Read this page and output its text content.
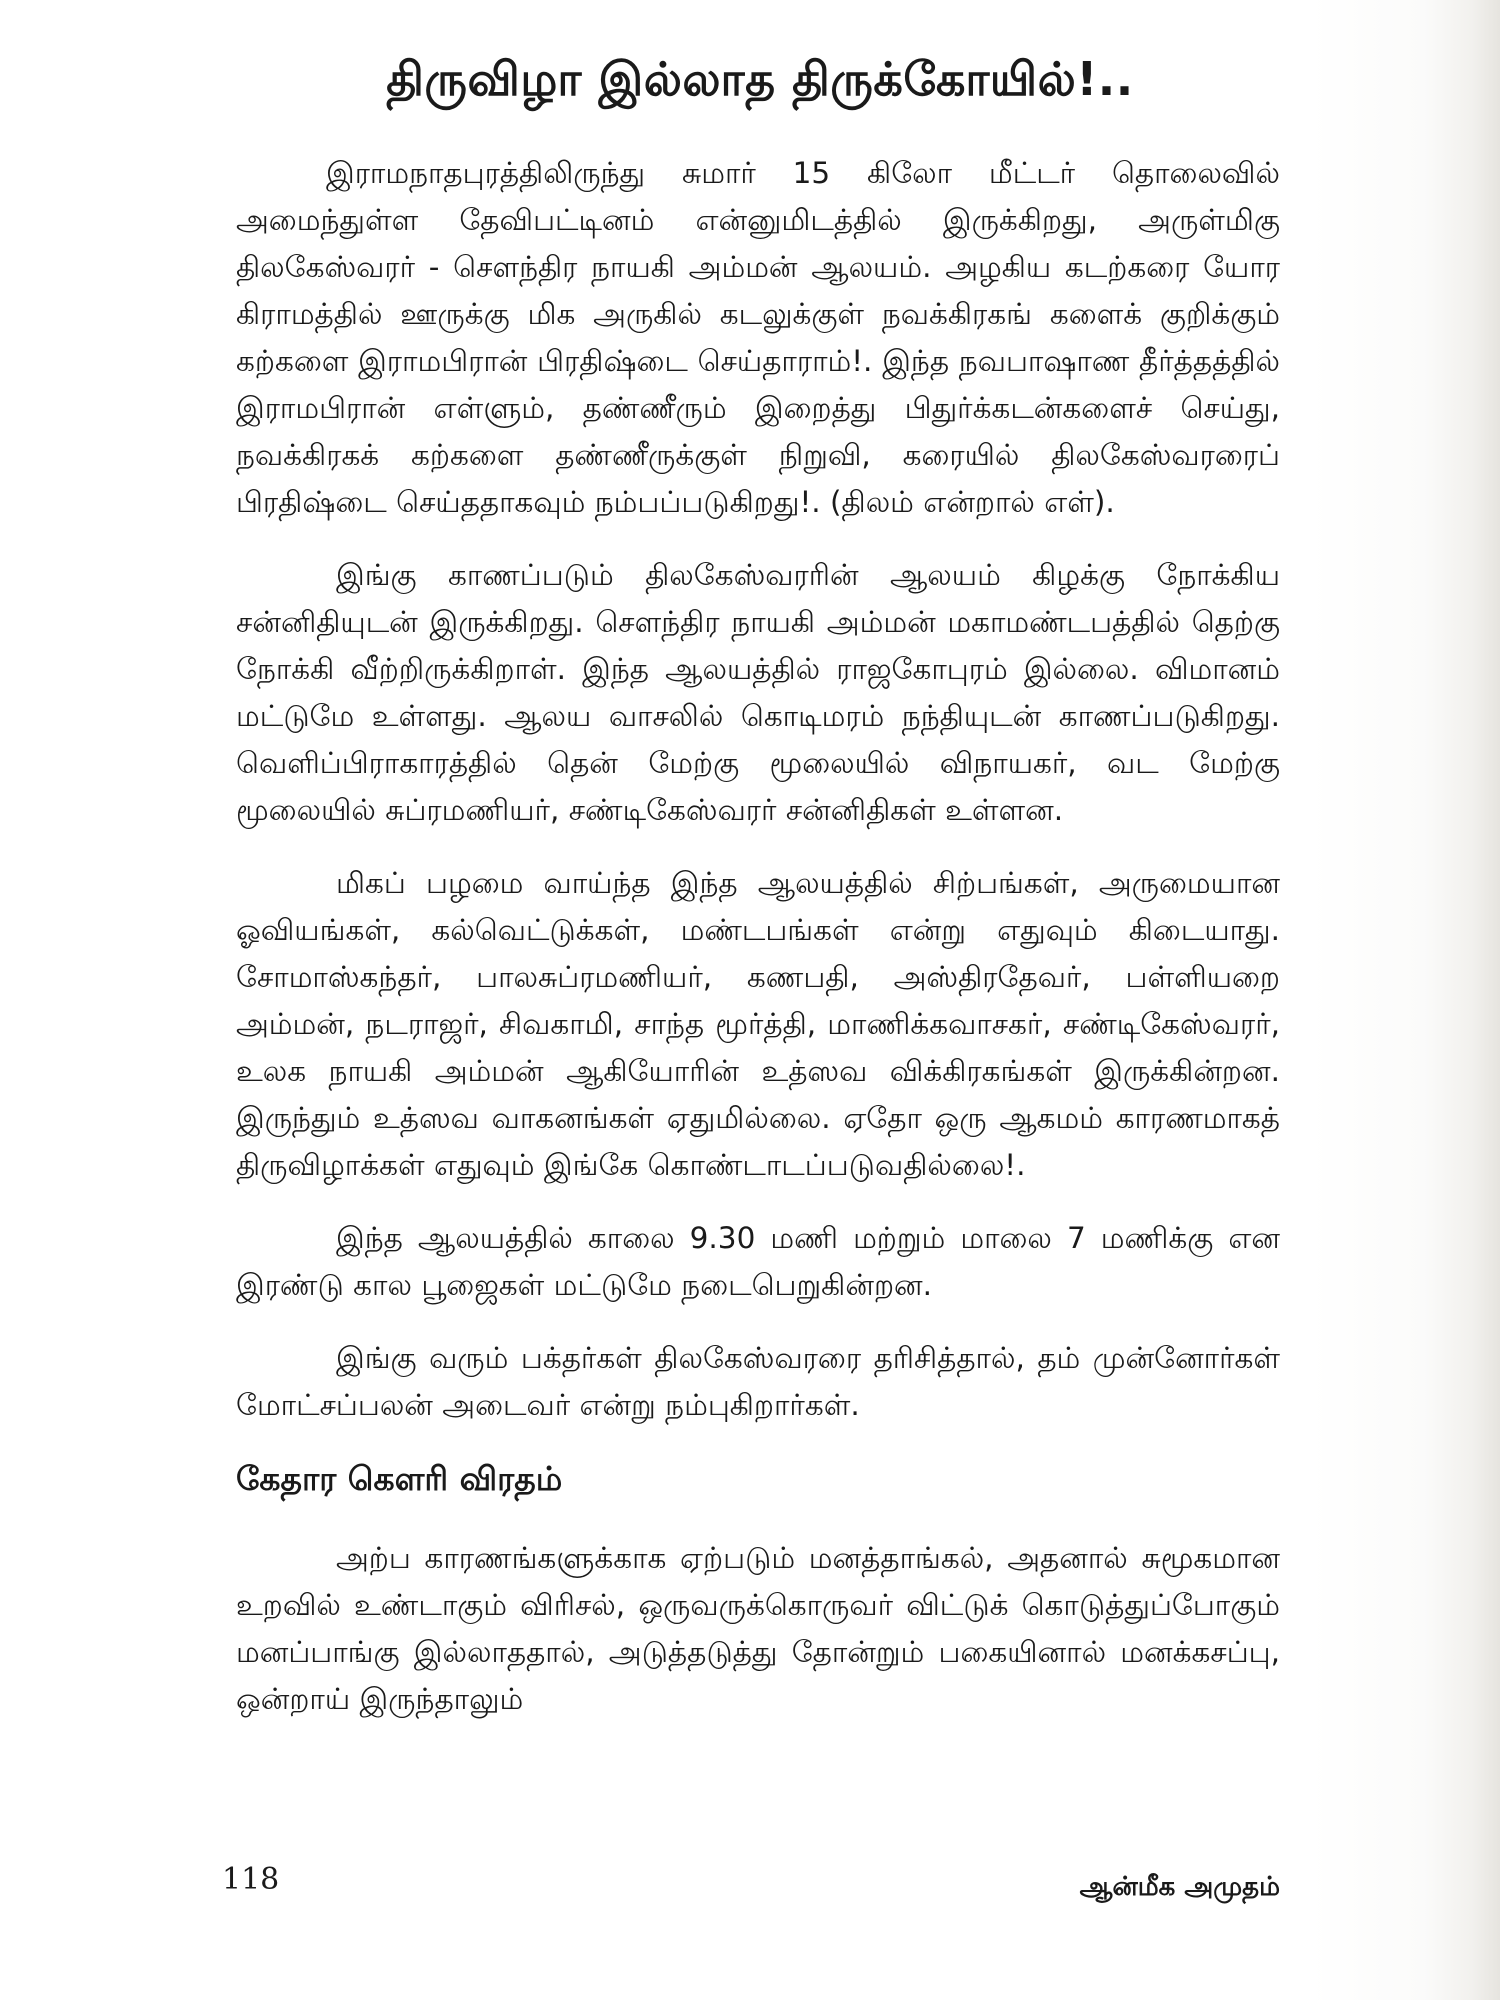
திருவிழா இல்லாத திருக்கோயில்!..

இராமநாதபுரத்திலிருந்து சுமார் 15 கிலோ மீட்டர் தொலைவில் அமைந்துள்ள தேவிபட்டினம் என்னுமிடத்தில் இருக்கிறது, அருள்மிகு திலகேஸ்வரர் - சௌந்திர நாயகி அம்மன் ஆலயம். அழகிய கடற்கரை யோர கிராமத்தில் ஊருக்கு மிக அருகில் கடலுக்குள் நவக்கிரகங் களைக் குறிக்கும் கற்களை இராமபிரான் பிரதிஷ்டை செய்தாராம்!. இந்த நவபாஷாண தீர்த்தத்தில் இராமபிரான் எள்ளும், தண்ணீரும் இறைத்து பிதுர்க்கடன்களைச் செய்து, நவக்கிரகக் கற்களை தண்ணீருக்குள் நிறுவி, கரையில் திலகேஸ்வரரைப் பிரதிஷ்டை செய்ததாகவும் நம்பப்படுகிறது!. (திலம் என்றால் எள்).

இங்கு காணப்படும் திலகேஸ்வரரின் ஆலயம் கிழக்கு நோக்கிய சன்னிதியுடன் இருக்கிறது. சௌந்திர நாயகி அம்மன் மகாமண்டபத்தில் தெற்கு நோக்கி வீற்றிருக்கிறாள். இந்த ஆலயத்தில் ராஜகோபுரம் இல்லை. விமானம் மட்டுமே உள்ளது. ஆலய வாசலில் கொடிமரம் நந்தியுடன் காணப்படுகிறது. வெளிப்பிராகாரத்தில் தென் மேற்கு மூலையில் விநாயகர், வட மேற்கு மூலையில் சுப்ரமணியர், சண்டிகேஸ்வரர் சன்னிதிகள் உள்ளன.

மிகப் பழமை வாய்ந்த இந்த ஆலயத்தில் சிற்பங்கள், அருமையான ஓவியங்கள், கல்வெட்டுக்கள், மண்டபங்கள் என்று எதுவும் கிடையாது. சோமாஸ்கந்தர், பாலசுப்ரமணியர், கணபதி, அஸ்திரதேவர், பள்ளியறை அம்மன், நடராஜர், சிவகாமி, சாந்த மூர்த்தி, மாணிக்கவாசகர், சண்டிகேஸ்வரர், உலக நாயகி அம்மன் ஆகியோரின் உத்ஸவ விக்கிரகங்கள் இருக்கின்றன. இருந்தும் உத்ஸவ வாகனங்கள் ஏதுமில்லை. ஏதோ ஒரு ஆகமம் காரணமாகத் திருவிழாக்கள் எதுவும் இங்கே கொண்டாடப்படுவதில்லை!.

இந்த ஆலயத்தில் காலை 9.30 மணி மற்றும் மாலை 7 மணிக்கு என இரண்டு கால பூஜைகள் மட்டுமே நடைபெறுகின்றன.

இங்கு வரும் பக்தர்கள் திலகேஸ்வரரை தரிசித்தால், தம் முன்னோர்கள் மோட்சப்பலன் அடைவர் என்று நம்புகிறார்கள்.

கேதார கௌரி விரதம்

அற்ப காரணங்களுக்காக ஏற்படும் மனத்தாங்கல், அதனால் சுமூகமான உறவில் உண்டாகும் விரிசல், ஒருவருக்கொருவர் விட்டுக் கொடுத்துப்போகும் மனப்பாங்கு இல்லாததால், அடுத்தடுத்து தோன்றும் பகையினால் மனக்கசப்பு, ஒன்றாய் இருந்தாலும்

118	ஆன்மீக அமுதம்
